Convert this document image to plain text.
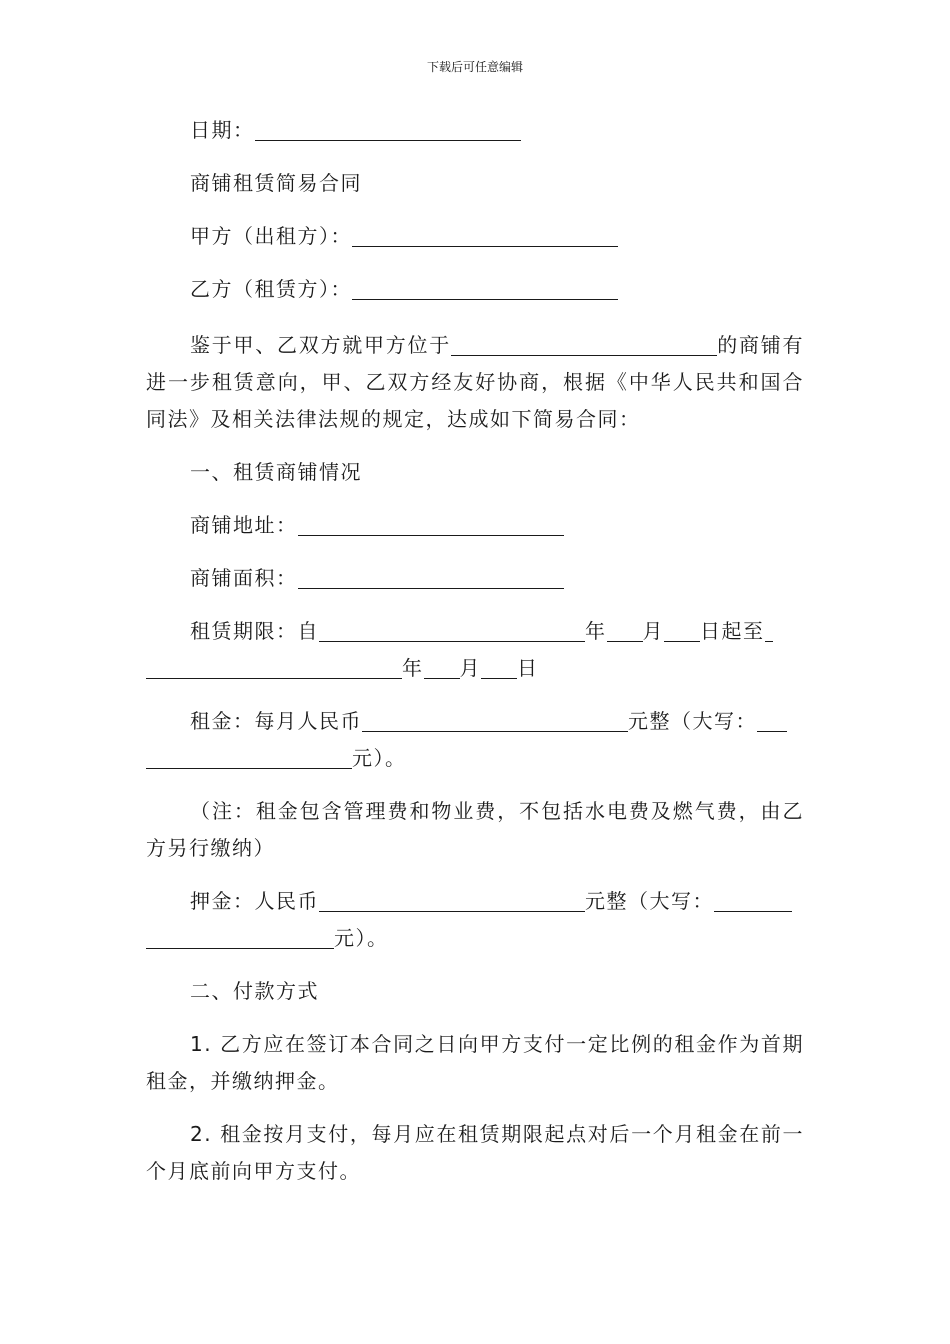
下载后可任意编辑

日期：

商铺租赁简易合同

甲方（出租方）：

乙方（租赁方）：

鉴于甲、乙双方就甲方位于	的商铺有进一步租赁意向，甲、乙双方经友好协商，根据《中华人民共和国合同法》及相关法律法规的规定，达成如下简易合同：

一、租赁商铺情况

商铺地址：

商铺面积：

租赁期限：自	年 月 日起至
年 月 日

租金：每月人民币	元整（大写：
元）。

（注：租金包含管理费和物业费，不包括水电费及燃气费，由乙方另行缴纳）

押金：人民币	元整（大写：
元）。

二、付款方式

1. 乙方应在签订本合同之日向甲方支付一定比例的租金作为首期租金，并缴纳押金。

2. 租金按月支付，每月应在租赁期限起点对后一个月租金在前一个月底前向甲方支付。
